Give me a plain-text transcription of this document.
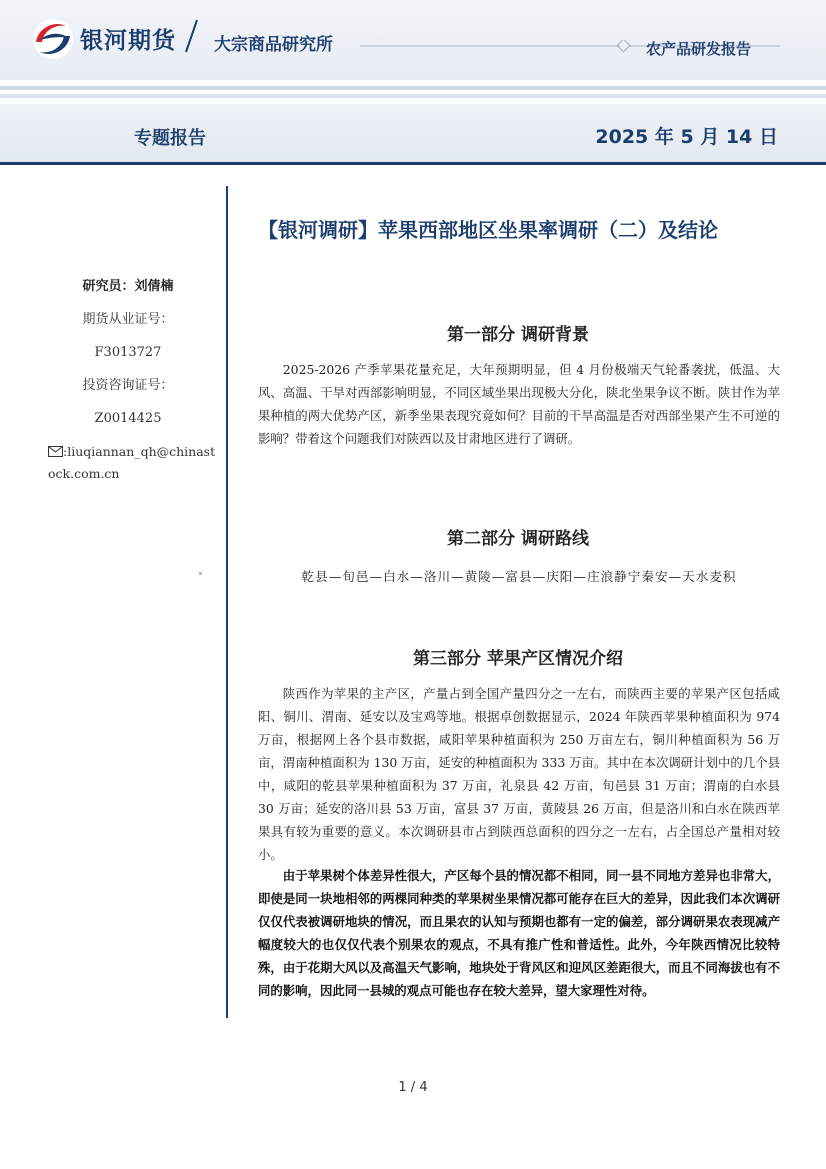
银河期货 大宗商品研究所	农产品研发报告
专题报告	2025 年 5 月 14 日
研究员：刘倩楠
期货从业证号：
F3013727
投资咨询证号：
Z0014425
:liuqiannan_qh@chinastock.com.cn
【银河调研】苹果西部地区坐果率调研（二）及结论
第一部分 调研背景

2025-2026 产季苹果花量充足，大年预期明显，但 4 月份极端天气轮番袭扰，低温、大风、高温、干旱对西部影响明显，不同区域坐果出现极大分化，陕北坐果争议不断。陕甘作为苹果种植的两大优势产区，新季坐果表现究竟如何？目前的干旱高温是否对西部坐果产生不可逆的影响？带着这个问题我们对陕西以及甘肃地区进行了调研。

第二部分 调研路线
乾县—旬邑—白水—洛川—黄陵—富县—庆阳—庄浪静宁秦安—天水麦积
第三部分 苹果产区情况介绍

陕西作为苹果的主产区，产量占到全国产量四分之一左右，而陕西主要的苹果产区包括咸阳、铜川、渭南、延安以及宝鸡等地。根据卓创数据显示，2024 年陕西苹果种植面积为 974 万亩，根据网上各个县市数据，咸阳苹果种植面积为 250 万亩左右，铜川种植面积为 56 万亩，渭南种植面积为 130 万亩，延安的种植面积为 333 万亩。其中在本次调研计划中的几个县中，咸阳的乾县苹果种植面积为 37 万亩，礼泉县 42 万亩，旬邑县 31 万亩；渭南的白水县 30 万亩；延安的洛川县 53 万亩，富县 37 万亩，黄陵县 26 万亩，但是洛川和白水在陕西苹果具有较为重要的意义。本次调研县市占到陕西总面积的四分之一左右，占全国总产量相对较小。

由于苹果树个体差异性很大，产区每个县的情况都不相同，同一县不同地方差异也非常大，即使是同一块地相邻的两棵同种类的苹果树坐果情况都可能存在巨大的差异，因此我们本次调研仅仅代表被调研地块的情况，而且果农的认知与预期也都有一定的偏差，部分调研果农表现减产幅度较大的也仅仅代表个别果农的观点，不具有推广性和普适性。此外，今年陕西情况比较特殊，由于花期大风以及高温天气影响，地块处于背风区和迎风区差距很大，而且不同海拔也有不同的影响，因此同一县城的观点可能也存在较大差异，望大家理性对待。

1 / 4
